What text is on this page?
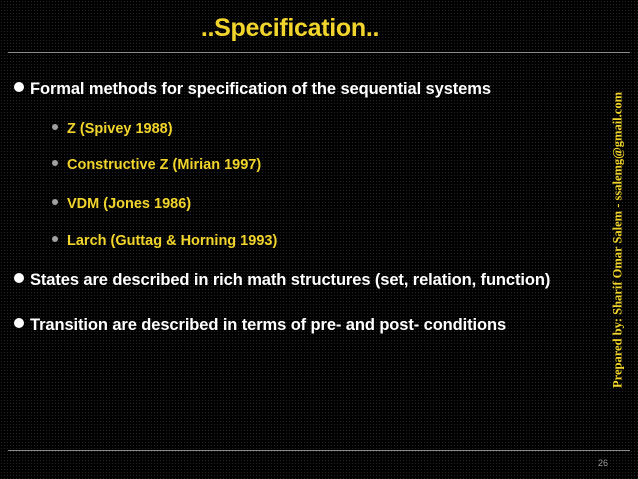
..Specification..
Formal methods for specification of the sequential systems
Z (Spivey 1988)
Constructive Z (Mirian 1997)
VDM (Jones 1986)
Larch (Guttag & Horning 1993)
States are described in rich math structures (set, relation, function)
Transition are described in terms of pre- and post- conditions	Prepared by: Sharif Omar Salem - ssalemg@gmail.com
26
